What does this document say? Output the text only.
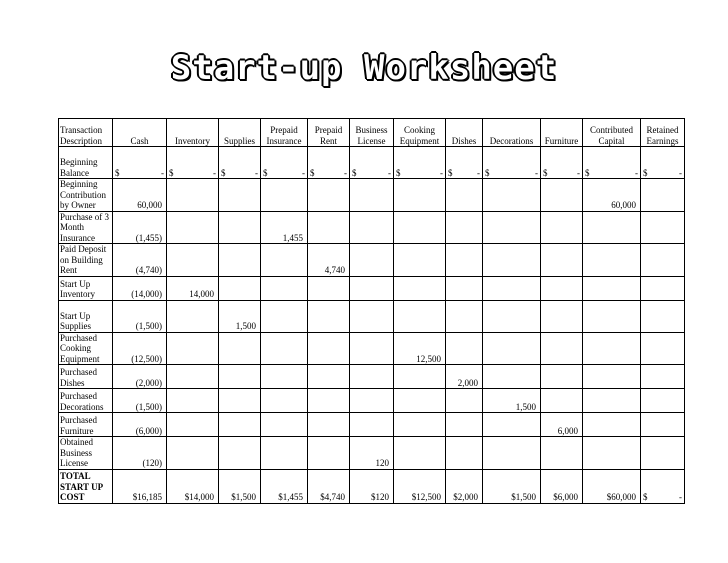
Start-up Worksheet
Transaction Description	Cash	Inventory	Supplies	Prepaid Insurance	Prepaid Rent	Business License	Cooking Equipment	Dishes	Decorations	Furniture	Contributed Capital	Retained Earnings
Beginning Balance	$ -	$ -	$ -	$ -	$ -	$ -	$ -	$ -	$ -	$ -	$ -	$ -

Beginning Contribution by Owner	60,000										60,000	
Purchase of 3 Month Insurance	(1,455)			1,455								
Paid Deposit on Building Rent	(4,740)				4,740							
Start Up Inventory	(14,000)	14,000										
Start Up Supplies	(1,500)		1,500									
Purchased Cooking Equipment	(12,500)						12,500					
Purchased Dishes	(2,000)							2,000				
Purchased Decorations	(1,500)								1,500			
Purchased Furniture	(6,000)									6,000		
Obtained Business License	(120)					120						
TOTAL START UP COST	$16,185	$14,000	$1,500	$1,455	$4,740	$120	$12,500	$2,000	$1,500	$6,000	$60,000	$ -
